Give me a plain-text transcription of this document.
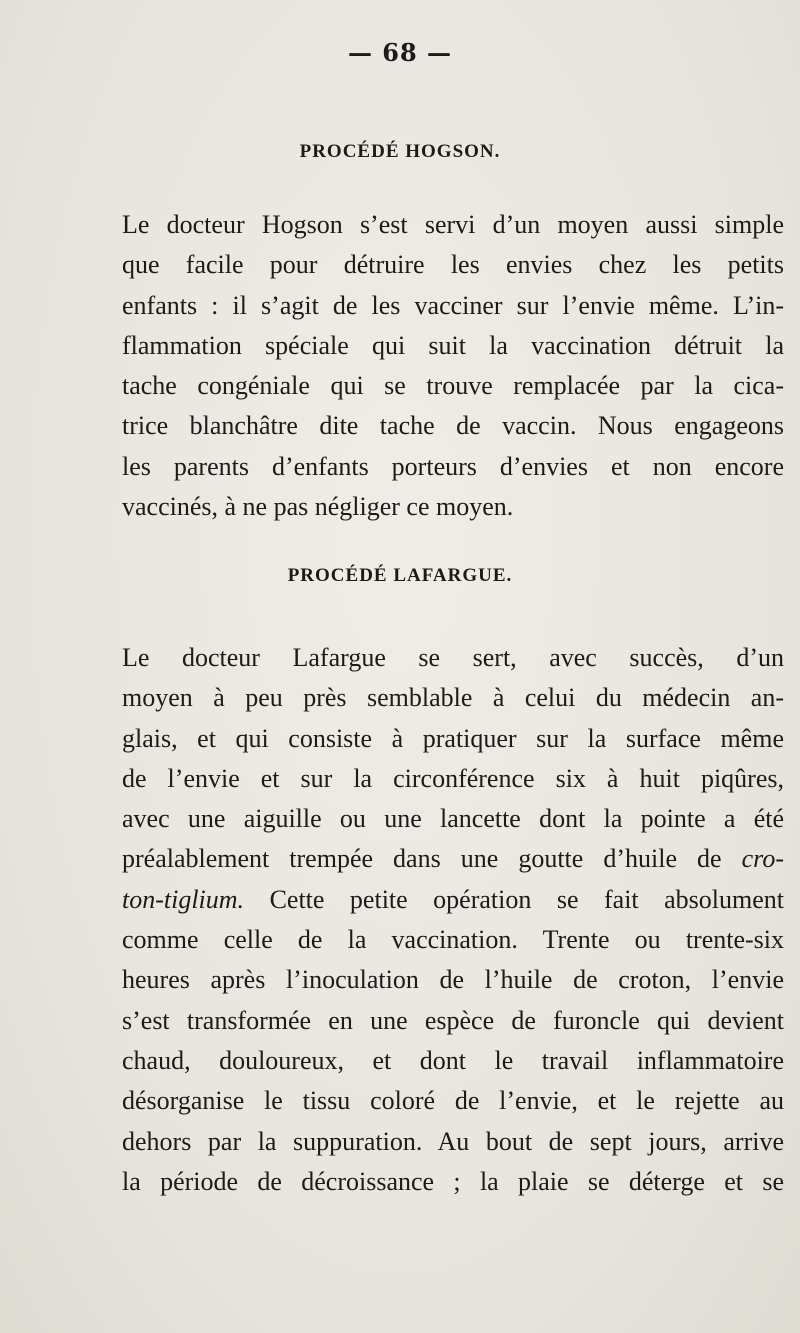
— 68 —
PROCÉDÉ HOGSON.
Le docteur Hogson s’est servi d’un moyen aussi simple
que facile pour détruire les envies chez les petits
enfants : il s’agit de les vacciner sur l’envie même. L’in-
flammation spéciale qui suit la vaccination détruit la
tache congéniale qui se trouve remplacée par la cica-
trice blanchâtre dite tache de vaccin. Nous engageons
les parents d’enfants porteurs d’envies et non encore
vaccinés, à ne pas négliger ce moyen.
PROCÉDÉ LAFARGUE.
Le docteur Lafargue se sert, avec succès, d’un
moyen à peu près semblable à celui du médecin an-
glais, et qui consiste à pratiquer sur la surface même
de l’envie et sur la circonférence six à huit piqûres,
avec une aiguille ou une lancette dont la pointe a été
préalablement trempée dans une goutte d’huile de cro-
ton-tiglium. Cette petite opération se fait absolument
comme celle de la vaccination. Trente ou trente-six
heures après l’inoculation de l’huile de croton, l’envie
s’est transformée en une espèce de furoncle qui devient
chaud, douloureux, et dont le travail inflammatoire
désorganise le tissu coloré de l’envie, et le rejette au
dehors par la suppuration. Au bout de sept jours, arrive
la période de décroissance ; la plaie se déterge et se
